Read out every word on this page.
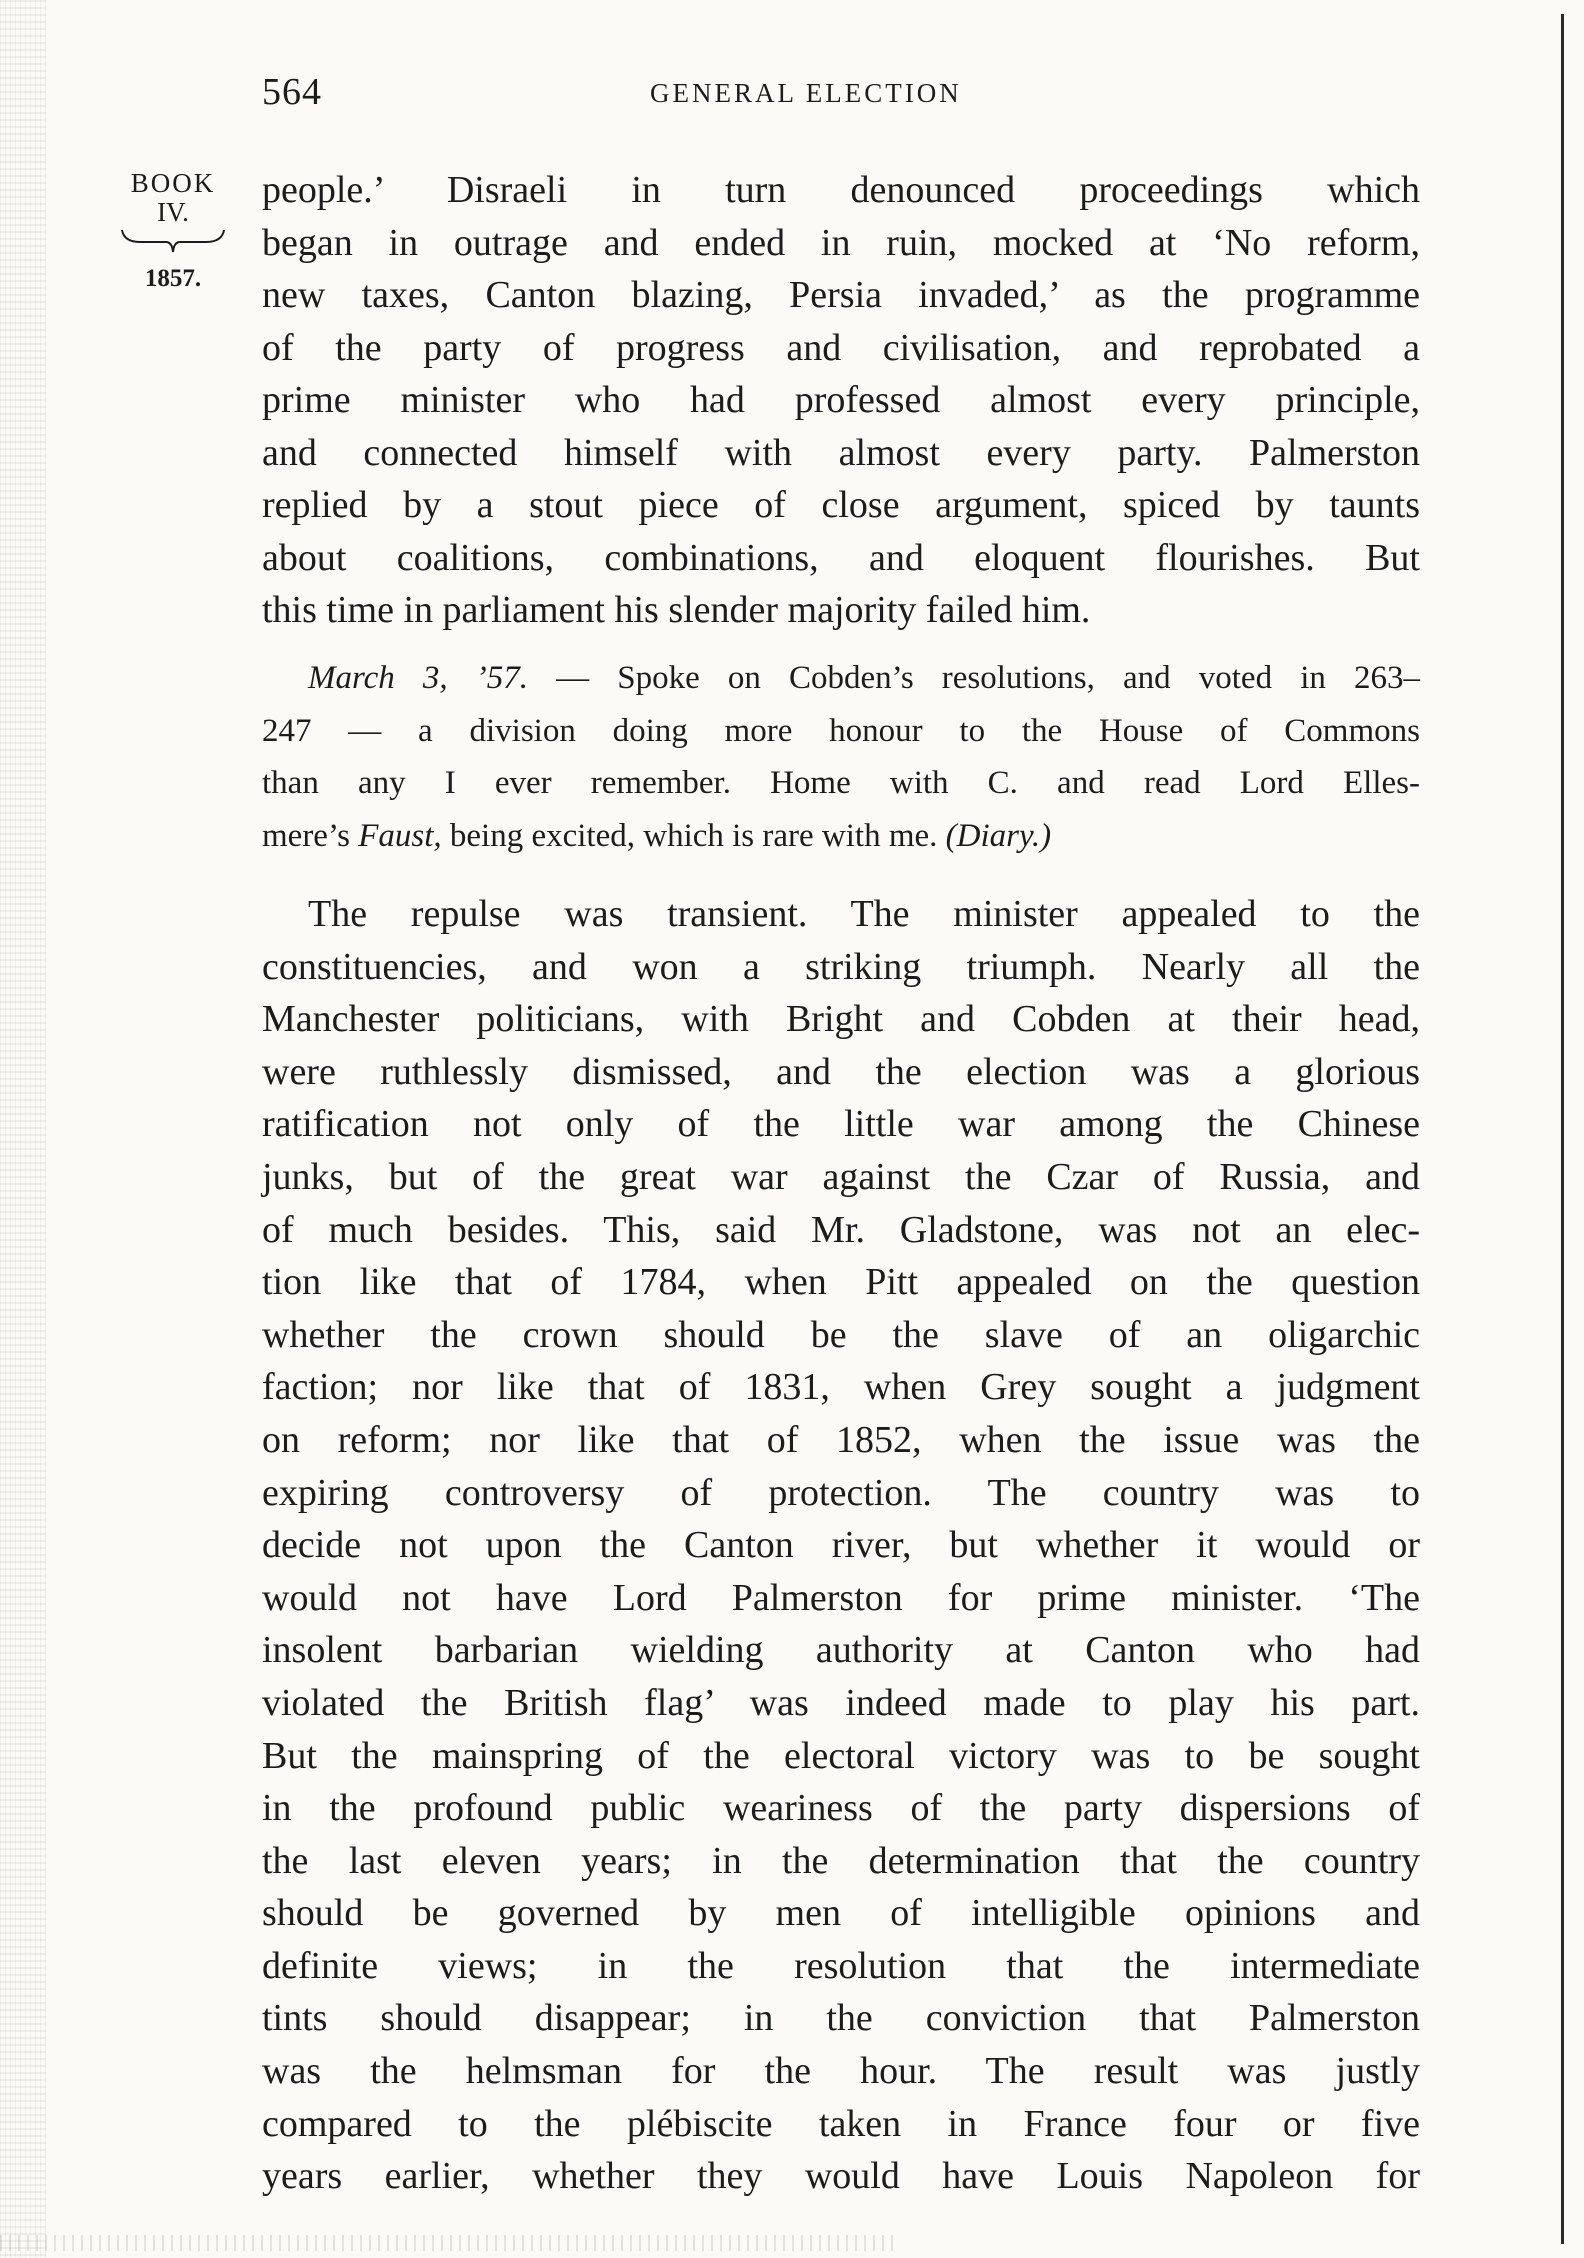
564	GENERAL ELECTION
BOOK
IV.
1857.

people.’ Disraeli in turn denounced proceedings which
began in outrage and ended in ruin, mocked at ‘No reform,
new taxes, Canton blazing, Persia invaded,’ as the programme
of the party of progress and civilisation, and reprobated a
prime minister who had professed almost every principle,
and connected himself with almost every party. Palmerston
replied by a stout piece of close argument, spiced by taunts
about coalitions, combinations, and eloquent flourishes. But
this time in parliament his slender majority failed him.

March 3, ’57. — Spoke on Cobden’s resolutions, and voted in 263–
247 — a division doing more honour to the House of Commons
than any I ever remember. Home with C. and read Lord Elles-
mere’s Faust, being excited, which is rare with me. (Diary.)

The repulse was transient. The minister appealed to the
constituencies, and won a striking triumph. Nearly all the
Manchester politicians, with Bright and Cobden at their head,
were ruthlessly dismissed, and the election was a glorious
ratification not only of the little war among the Chinese
junks, but of the great war against the Czar of Russia, and
of much besides. This, said Mr. Gladstone, was not an elec-
tion like that of 1784, when Pitt appealed on the question
whether the crown should be the slave of an oligarchic
faction; nor like that of 1831, when Grey sought a judgment
on reform; nor like that of 1852, when the issue was the
expiring controversy of protection. The country was to
decide not upon the Canton river, but whether it would or
would not have Lord Palmerston for prime minister. ‘The
insolent barbarian wielding authority at Canton who had
violated the British flag’ was indeed made to play his part.
But the mainspring of the electoral victory was to be sought
in the profound public weariness of the party dispersions of
the last eleven years; in the determination that the country
should be governed by men of intelligible opinions and
definite views; in the resolution that the intermediate
tints should disappear; in the conviction that Palmerston
was the helmsman for the hour. The result was justly
compared to the plébiscite taken in France four or five
years earlier, whether they would have Louis Napoleon for
